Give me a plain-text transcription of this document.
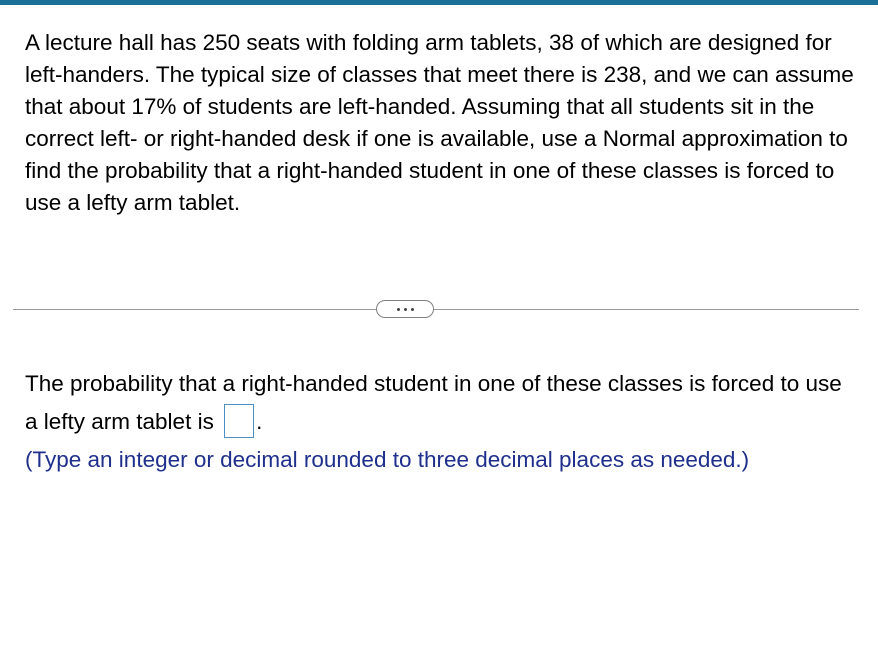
A lecture hall has 250 seats with folding arm tablets, 38 of which are designed for left-handers. The typical size of classes that meet there is 238, and we can assume that about 17% of students are left-handed. Assuming that all students sit in the correct left- or right-handed desk if one is available, use a Normal approximation to find the probability that a right-handed student in one of these classes is forced to use a lefty arm tablet.

The probability that a right-handed student in one of these classes is forced to use a lefty arm tablet is .

(Type an integer or decimal rounded to three decimal places as needed.)
